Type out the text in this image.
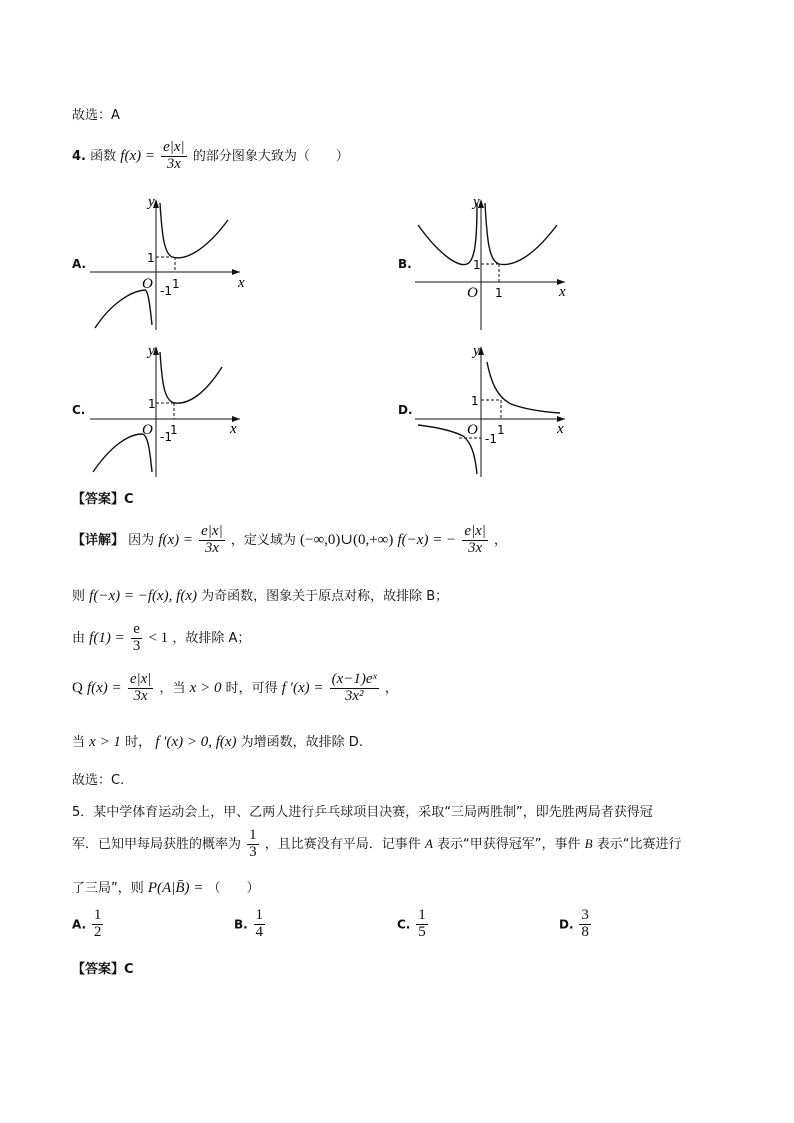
故选：A
4. 函数 $f(x) = \frac{e|x|}{3x}$ 的部分图象大致为（　　）
A.
y
x
O
1
1
-1
B.
y
x
O
1
1
C.
y
x
O
1
1
-1
D.
y
x
O
1
1
-1
【答案】C
【详解】 因为 $f(x) = \frac{e|x|}{3x}$ ，定义域为 (−∞,0)∪(0,+∞) f(−x) = − $\frac{e|x|}{3x}$ ，
则 f(−x) = −f(x), f(x) 为奇函数，图象关于原点对称，故排除 B；
由 $f(1) = \frac{e}{3} < 1$ ，故排除 A；
Q $f(x) = \frac{e|x|}{3x}$ ，当 x > 0 时，可得 f $'(x) = \frac{\text{(x−1)eˣ}}{\text{3x²}}$ ，
当 x > 1 时， f ′(x) > 0, f(x) 为增函数，故排除 D.
故选：C.
5．某中学体育运动会上，甲、乙两人进行乒乓球项目决赛，采取“三局两胜制”，即先胜两局者获得冠
军．已知甲每局获胜的概率为 $\frac{1}{3}$ ，且比赛没有平局．记事件 A 表示“甲获得冠军”，事件 B 表示“比赛进行
了三局”，则 P(A|B̄) = （　　）
A. $\frac{1}{2}$	B. $\frac{1}{4}$	C. $\frac{1}{5}$	D. $\frac{3}{8}$
【答案】C
